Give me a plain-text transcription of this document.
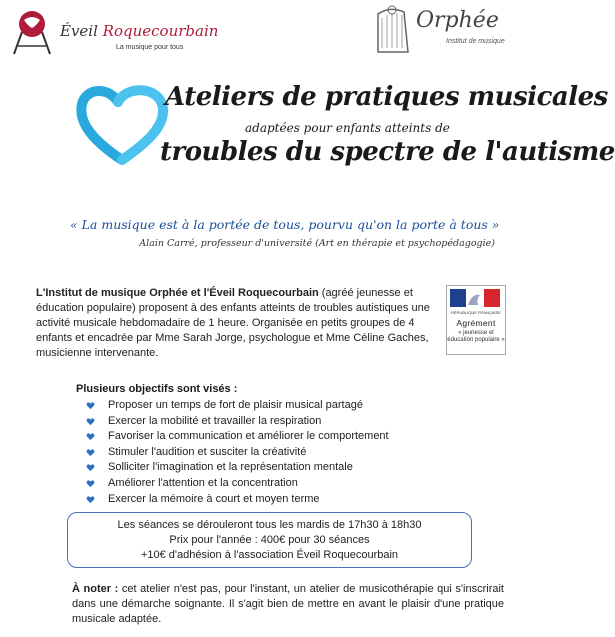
Éveil Roquecourbain
La musique pour tous
Orphée
Institut de musique
Ateliers de pratiques musicales
adaptées pour enfants atteints de
troubles du spectre de l'autisme
« La musique est à la portée de tous, pourvu qu'on la porte à tous »
Alain Carré, professeur d'université (Art en thérapie et psychopédagogie)
L'Institut de musique Orphée et l'Éveil Roquecourbain (agréé jeunesse et éducation populaire) proposent à des enfants atteints de troubles autistiques une activité musicale hebdomadaire de 1 heure. Organisée en petits groupes de 4 enfants et encadrée par Mme Sarah Jorge, psychologue et Mme Céline Gaches, musicienne intervenante.
RÉPUBLIQUE FRANÇAISE
Agrément
« jeunesse et
éducation populaire »
Plusieurs objectifs sont visés :
Proposer un temps de fort de plaisir musical partagé
Exercer la mobilité et travailler la respiration
Favoriser la communication et améliorer le comportement
Stimuler l'audition et susciter la créativité
Solliciter l'imagination et la représentation mentale
Améliorer l'attention et la concentration
Exercer la mémoire à court et moyen terme
Les séances se dérouleront tous les mardis de 17h30 à 18h30
Prix pour l'année : 400€ pour 30 séances
+10€ d'adhésion à l'association Éveil Roquecourbain
À noter : cet atelier n'est pas, pour l'instant, un atelier de musicothérapie qui s'inscrirait dans une démarche soignante. Il s'agit bien de mettre en avant le plaisir d'une pratique musicale adaptée.
